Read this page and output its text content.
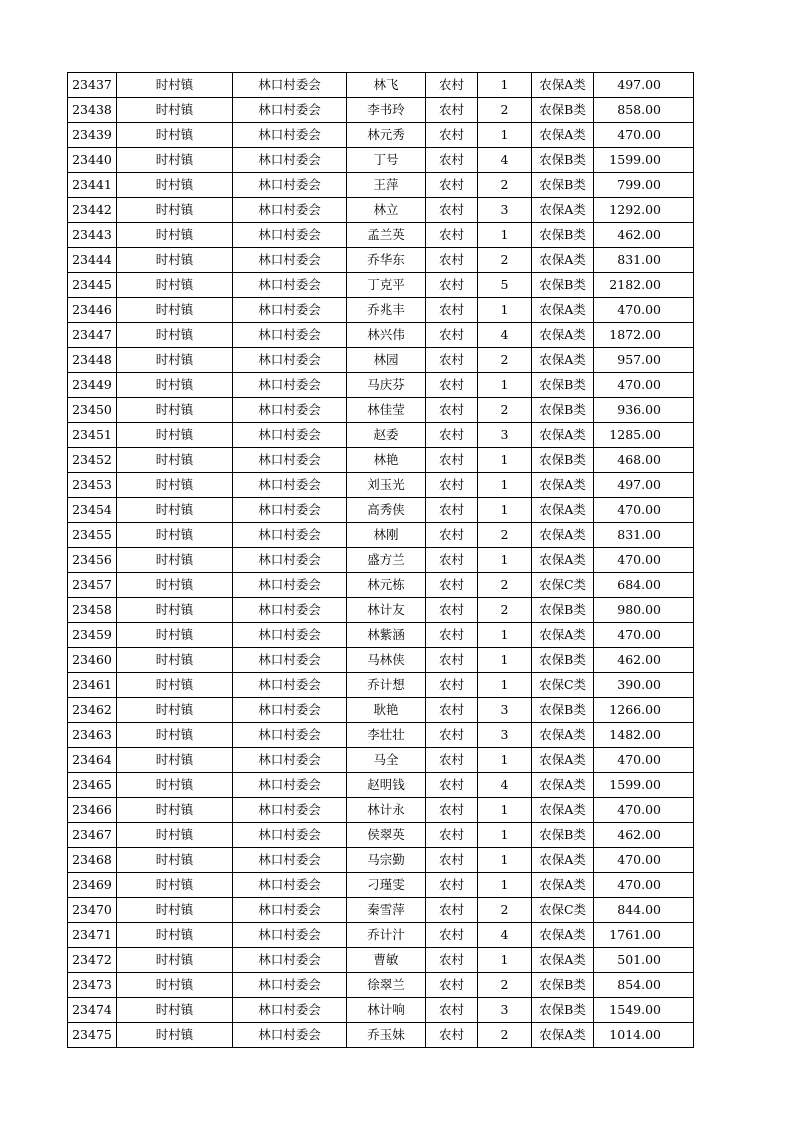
23437	时村镇	林口村委会	林飞	农村	1	农保A类	497.00
23438	时村镇	林口村委会	李书玲	农村	2	农保B类	858.00
23439	时村镇	林口村委会	林元秀	农村	1	农保A类	470.00
23440	时村镇	林口村委会	丁号	农村	4	农保B类	1599.00
23441	时村镇	林口村委会	王萍	农村	2	农保B类	799.00
23442	时村镇	林口村委会	林立	农村	3	农保A类	1292.00
23443	时村镇	林口村委会	孟兰英	农村	1	农保B类	462.00
23444	时村镇	林口村委会	乔华东	农村	2	农保A类	831.00
23445	时村镇	林口村委会	丁克平	农村	5	农保B类	2182.00
23446	时村镇	林口村委会	乔兆丰	农村	1	农保A类	470.00
23447	时村镇	林口村委会	林兴伟	农村	4	农保A类	1872.00
23448	时村镇	林口村委会	林园	农村	2	农保A类	957.00
23449	时村镇	林口村委会	马庆芬	农村	1	农保B类	470.00
23450	时村镇	林口村委会	林佳莹	农村	2	农保B类	936.00
23451	时村镇	林口村委会	赵委	农村	3	农保A类	1285.00
23452	时村镇	林口村委会	林艳	农村	1	农保B类	468.00
23453	时村镇	林口村委会	刘玉光	农村	1	农保A类	497.00
23454	时村镇	林口村委会	高秀侠	农村	1	农保A类	470.00
23455	时村镇	林口村委会	林刚	农村	2	农保A类	831.00
23456	时村镇	林口村委会	盛方兰	农村	1	农保A类	470.00
23457	时村镇	林口村委会	林元栋	农村	2	农保C类	684.00
23458	时村镇	林口村委会	林计友	农村	2	农保B类	980.00
23459	时村镇	林口村委会	林紫涵	农村	1	农保A类	470.00
23460	时村镇	林口村委会	马林侠	农村	1	农保B类	462.00
23461	时村镇	林口村委会	乔计想	农村	1	农保C类	390.00
23462	时村镇	林口村委会	耿艳	农村	3	农保B类	1266.00
23463	时村镇	林口村委会	李壮壮	农村	3	农保A类	1482.00
23464	时村镇	林口村委会	马全	农村	1	农保A类	470.00
23465	时村镇	林口村委会	赵明钱	农村	4	农保A类	1599.00
23466	时村镇	林口村委会	林计永	农村	1	农保A类	470.00
23467	时村镇	林口村委会	侯翠英	农村	1	农保B类	462.00
23468	时村镇	林口村委会	马宗勤	农村	1	农保A类	470.00
23469	时村镇	林口村委会	刁瑾雯	农村	1	农保A类	470.00
23470	时村镇	林口村委会	秦雪萍	农村	2	农保C类	844.00
23471	时村镇	林口村委会	乔计汁	农村	4	农保A类	1761.00
23472	时村镇	林口村委会	曹敏	农村	1	农保A类	501.00
23473	时村镇	林口村委会	徐翠兰	农村	2	农保B类	854.00
23474	时村镇	林口村委会	林计响	农村	3	农保B类	1549.00
23475	时村镇	林口村委会	乔玉妹	农村	2	农保A类	1014.00
